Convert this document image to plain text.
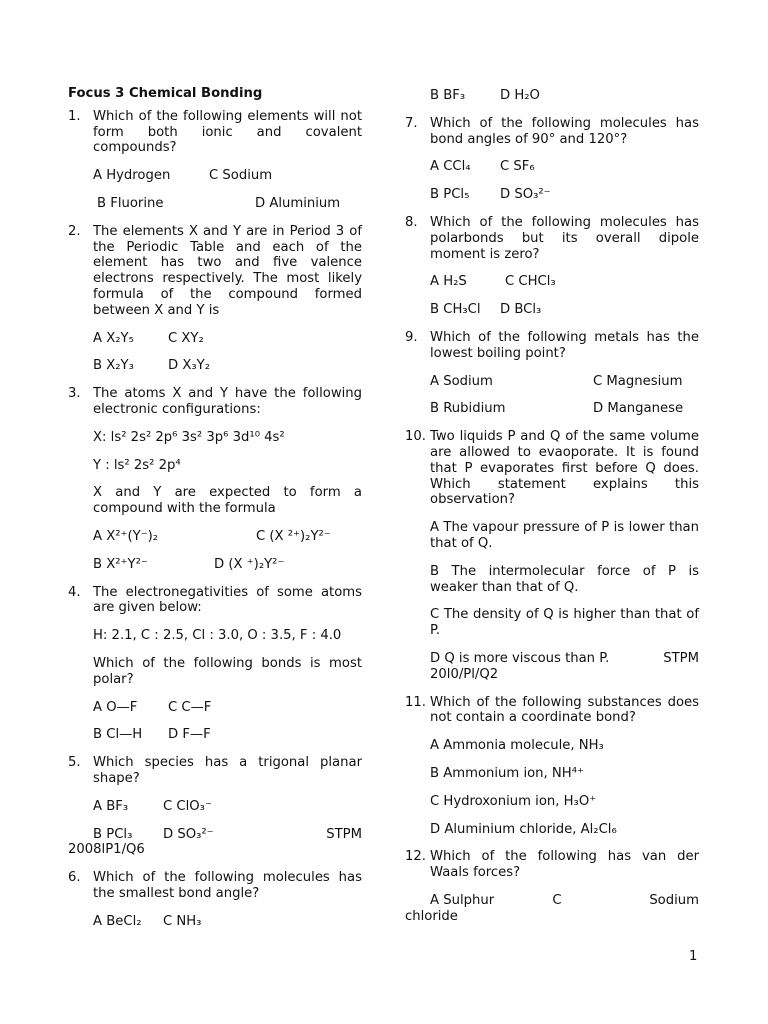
Focus 3 Chemical Bonding
1. Which of the following elements will not form both ionic and covalent compounds?
A Hydrogen	C Sodium
B Fluorine	D Aluminium
2. The elements X and Y are in Period 3 of the Periodic Table and each of the element has two and five valence electrons respectively. The most likely formula of the compound formed between X and Y is
A X₂Y₅	C XY₂
B X₂Y₃	D X₃Y₂
3. The atoms X and Y have the following electronic configurations:
X: ls² 2s² 2p⁶ 3s² 3p⁶ 3d¹⁰ 4s²
Y : ls² 2s² 2p⁴
X and Y are expected to form a compound with the formula
A X²⁺(Y⁻)₂	C (X ²⁺)₂Y²⁻
B X²⁺Y²⁻	D (X ⁺)₂Y²⁻
4. The electronegativities of some atoms are given below:
H: 2.1, C : 2.5, Cl : 3.0, O : 3.5, F : 4.0
Which of the following bonds is most polar?
A O—F C C—F
B Cl—H D F—F
5. Which species has a trigonal planar shape?
A BF₃	C ClO₃⁻
B PCl₃ D SO₃²⁻	STPM
2008lP1/Q6
6. Which of the following molecules has the smallest bond angle?
A BeCl₂ C NH₃
B BF₃	D H₂O
7. Which of the following molecules has bond angles of 90° and 120°?
A CCl₄ C SF₆
B PCl₅ D SO₃²⁻
8. Which of the following molecules has polarbonds but its overall dipole moment is zero?
A H₂S	C CHCl₃
B CH₃Cl D BCl₃
9. Which of the following metals has the lowest boiling point?
A Sodium	C Magnesium
B Rubidium	D Manganese
10. Two liquids P and Q of the same volume are allowed to evaoporate. It is found that P evaporates first before Q does. Which statement explains this observation?
A The vapour pressure of P is lower than that of Q.
B The intermolecular force of P is weaker than that of Q.
C The density of Q is higher than that of P.
D Q is more viscous than P.	STPM
20l0/Pl/Q2
11. Which of the following substances does not contain a coordinate bond?
A Ammonia molecule, NH₃
B Ammonium ion, NH⁴⁺
C Hydroxonium ion, H₃O⁺
D Aluminium chloride, Al₂Cl₆
12. Which of the following has van der Waals forces?
A Sulphur	C	Sodium
chloride
1
